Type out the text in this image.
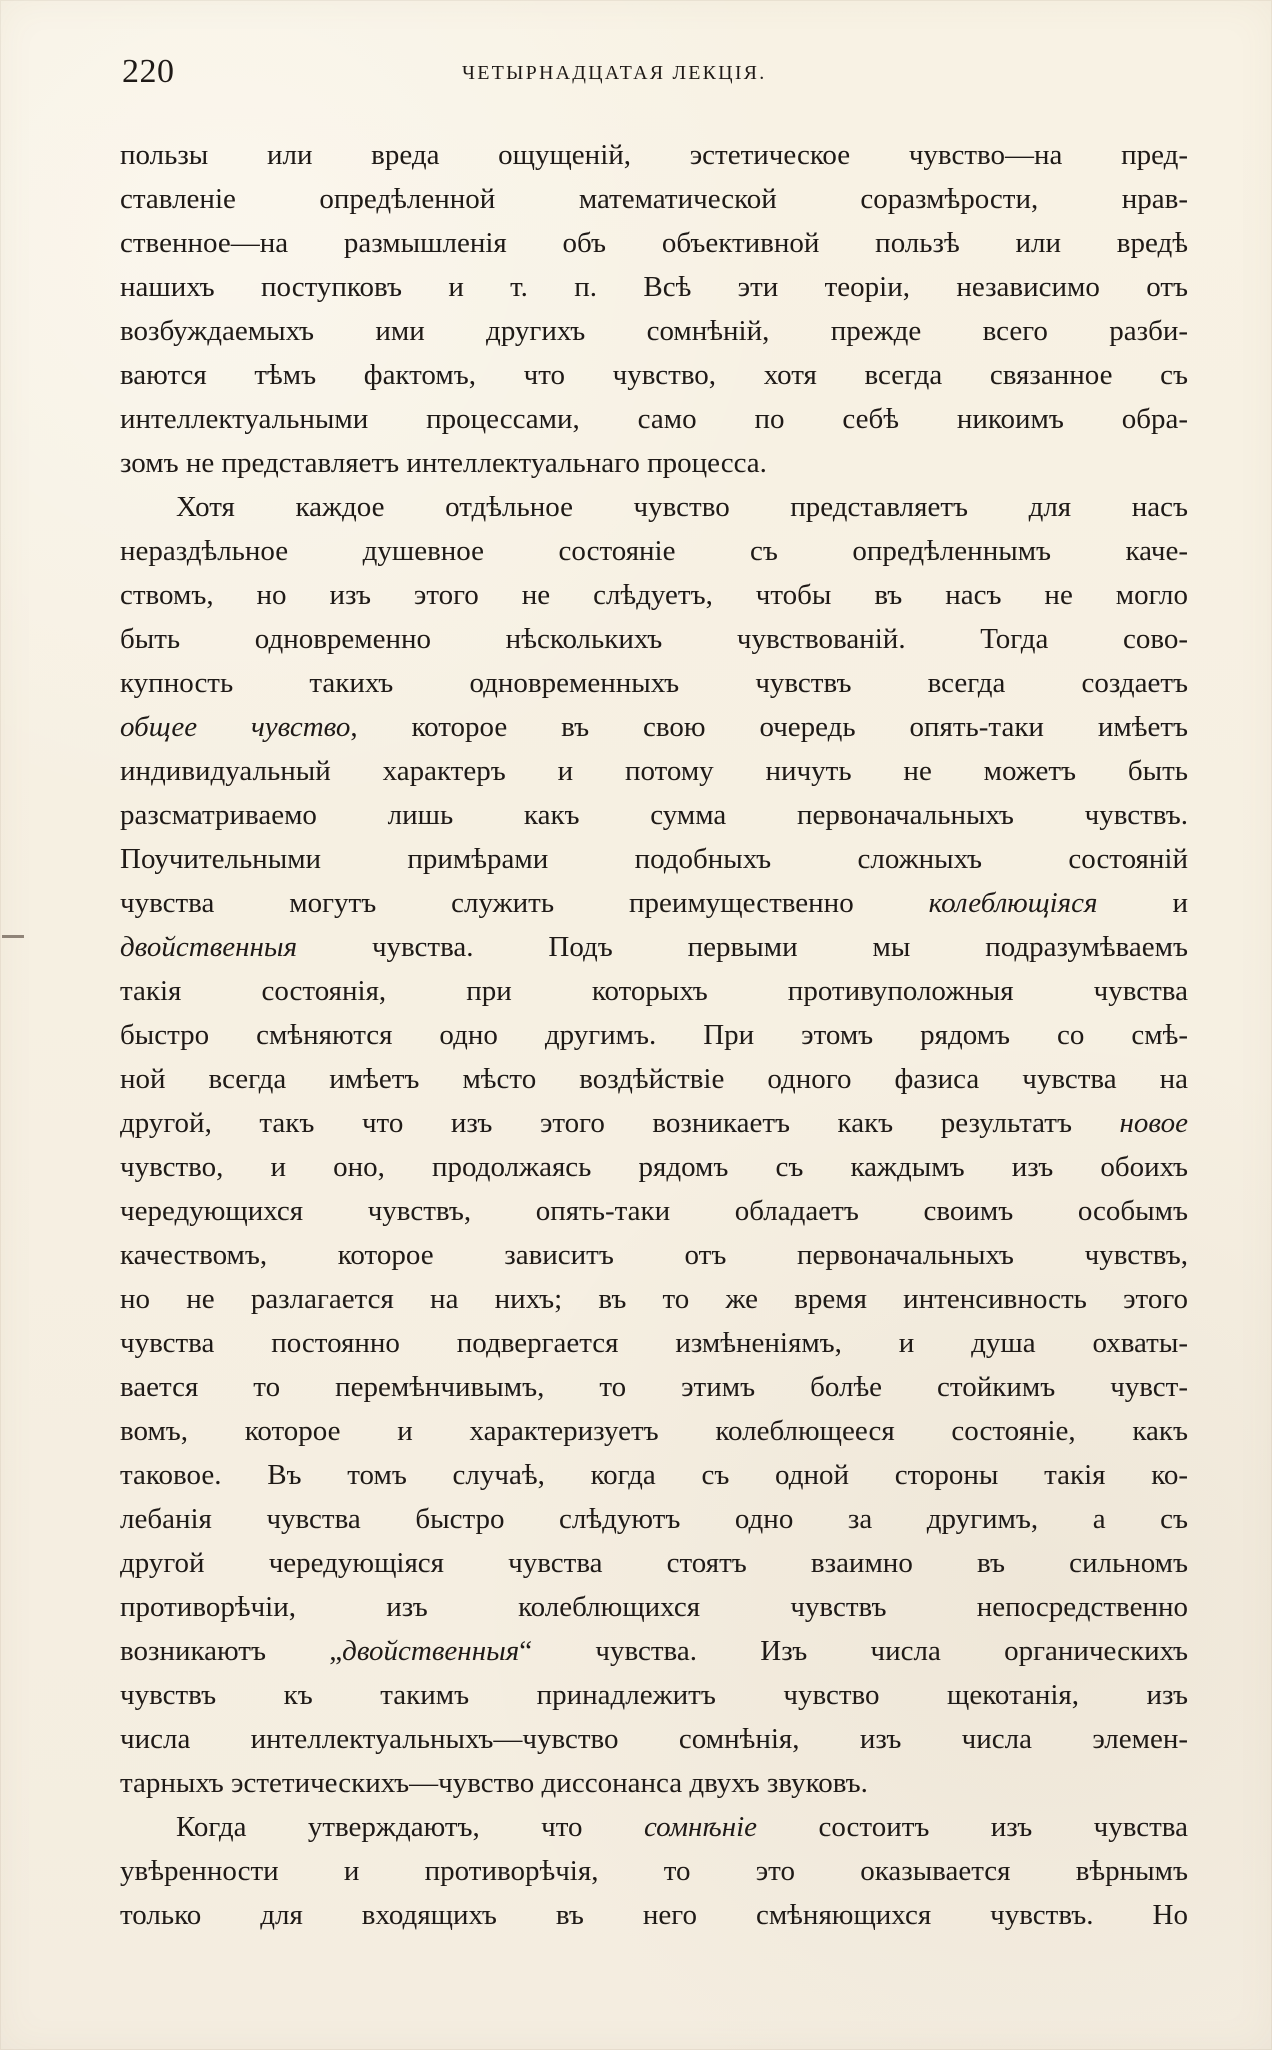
220	ЧЕТЫРНАДЦАТАЯ ЛЕКЦІЯ.
пользы или вреда ощущеній, эстетическое чувство—на пред-
ставленіе опредѣленной математической соразмѣрости, нрав-
ственное—на размышленія объ объективной пользѣ или вредѣ
нашихъ поступковъ и т. п. Всѣ эти теоріи, независимо отъ
возбуждаемыхъ ими другихъ сомнѣній, прежде всего разби-
ваются тѣмъ фактомъ, что чувство, хотя всегда связанное съ
интеллектуальными процессами, само по себѣ никоимъ обра-
зомъ не представляетъ интеллектуальнаго процесса.
Хотя каждое отдѣльное чувство представляетъ для насъ
нераздѣльное душевное состояніе съ опредѣленнымъ каче-
ствомъ, но изъ этого не слѣдуетъ, чтобы въ насъ не могло
быть одновременно нѣсколькихъ чувствованій. Тогда сово-
купность такихъ одновременныхъ чувствъ всегда создаетъ
общее чувство, которое въ свою очередь опять-таки имѣетъ
индивидуальный характеръ и потому ничуть не можетъ быть
разсматриваемо лишь какъ сумма первоначальныхъ чувствъ.
Поучительными примѣрами подобныхъ сложныхъ состояній
чувства могутъ служить преимущественно колеблющіяся и
двойственныя чувства. Подъ первыми мы подразумѣваемъ
такія состоянія, при которыхъ противуположныя чувства
быстро смѣняются одно другимъ. При этомъ рядомъ со смѣ-
ной всегда имѣетъ мѣсто воздѣйствіе одного фазиса чувства на
другой, такъ что изъ этого возникаетъ какъ результатъ новое
чувство, и оно, продолжаясь рядомъ съ каждымъ изъ обоихъ
чередующихся чувствъ, опять-таки обладаетъ своимъ особымъ
качествомъ, которое зависитъ отъ первоначальныхъ чувствъ,
но не разлагается на нихъ; въ то же время интенсивность этого
чувства постоянно подвергается измѣненіямъ, и душа охваты-
вается то перемѣнчивымъ, то этимъ болѣе стойкимъ чувст-
вомъ, которое и характеризуетъ колеблющееся состояніе, какъ
таковое. Въ томъ случаѣ, когда съ одной стороны такія ко-
лебанія чувства быстро слѣдуютъ одно за другимъ, а съ
другой чередующіяся чувства стоятъ взаимно въ сильномъ
противорѣчіи, изъ колеблющихся чувствъ непосредственно
возникаютъ „двойственныя“ чувства. Изъ числа органическихъ
чувствъ къ такимъ принадлежитъ чувство щекотанія, изъ
числа интеллектуальныхъ—чувство сомнѣнія, изъ числа элемен-
тарныхъ эстетическихъ—чувство диссонанса двухъ звуковъ.
Когда утверждаютъ, что сомнѣніе состоитъ изъ чувства
увѣренности и противорѣчія, то это оказывается вѣрнымъ
только для входящихъ въ него смѣняющихся чувствъ. Но
